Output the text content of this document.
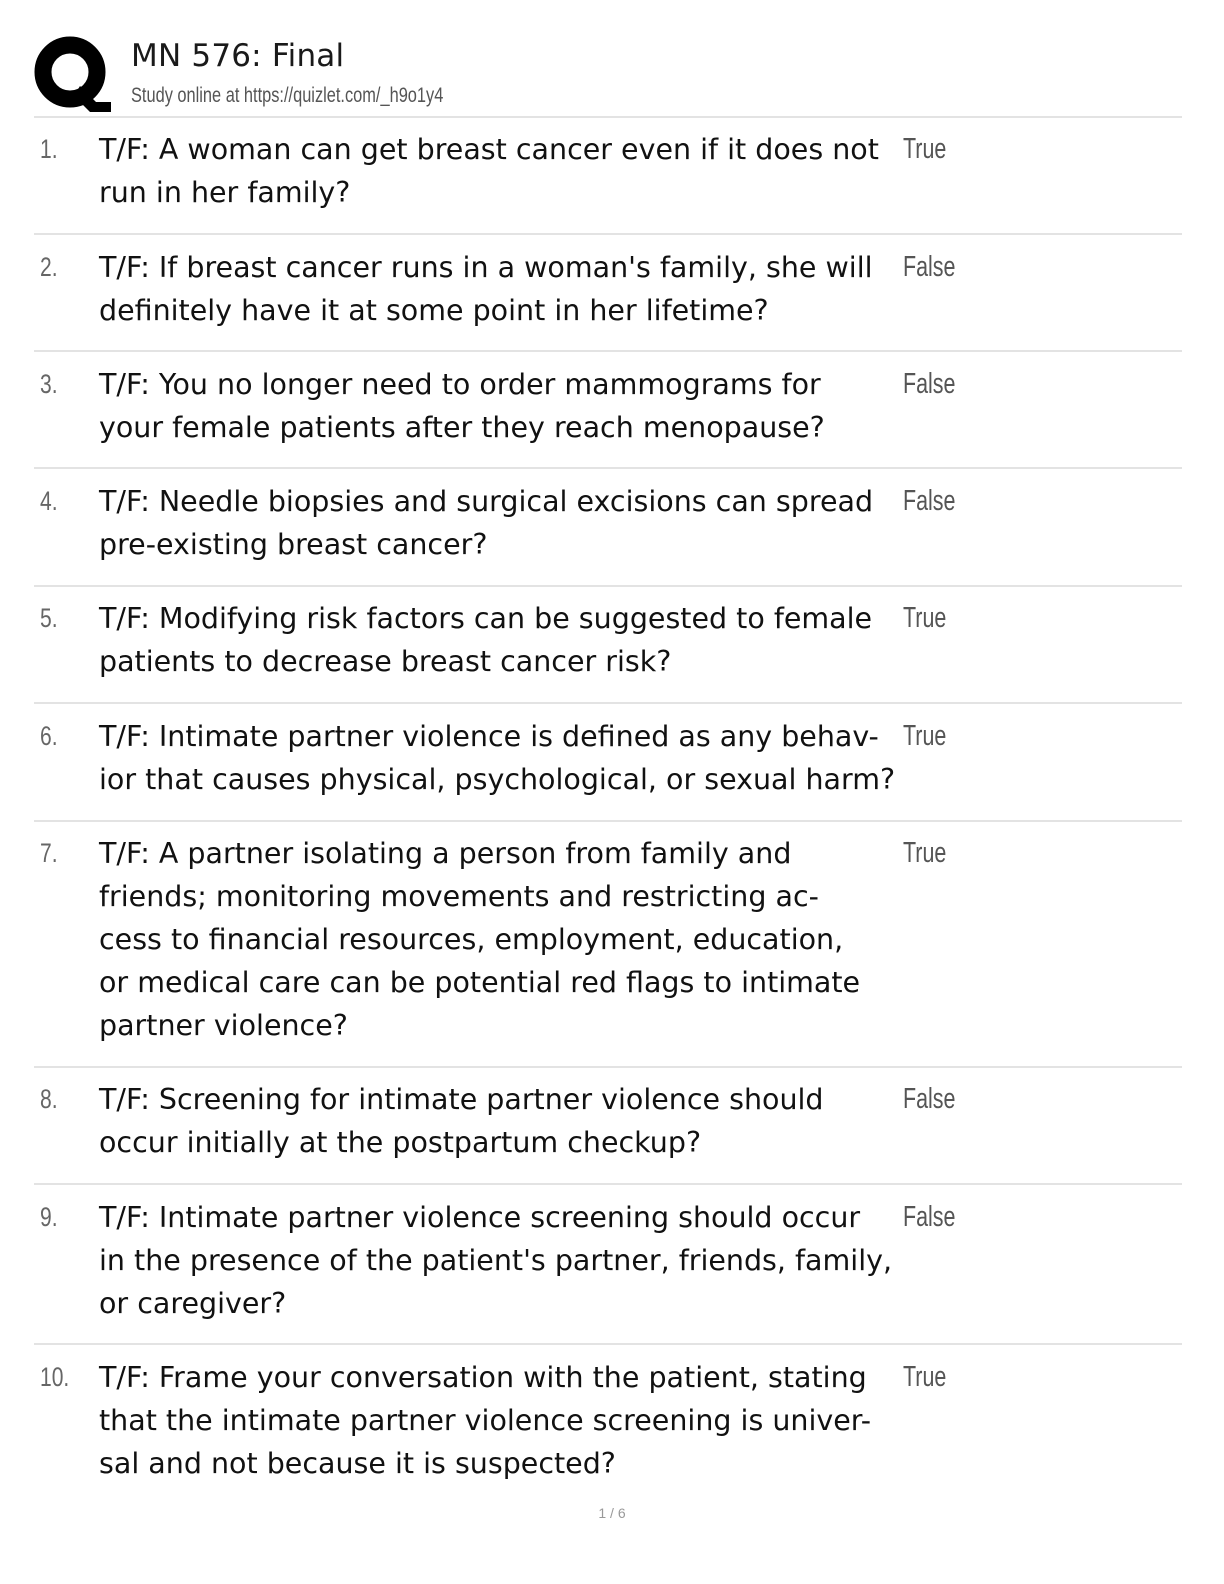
MN 576: Final
Study online at https://quizlet.com/_h9o1y4
1. T/F: A woman can get breast cancer even if it does not
run in her family?
True
2. T/F: If breast cancer runs in a woman's family, she will
definitely have it at some point in her lifetime?
False
3. T/F: You no longer need to order mammograms for
your female patients after they reach menopause?
False
4. T/F: Needle biopsies and surgical excisions can spread
pre-existing breast cancer?
False
5. T/F: Modifying risk factors can be suggested to female
patients to decrease breast cancer risk?
True
6. T/F: Intimate partner violence is defined as any behav-
ior that causes physical, psychological, or sexual harm?
True
7. T/F: A partner isolating a person from family and
friends; monitoring movements and restricting ac-
cess to financial resources, employment, education,
or medical care can be potential red flags to intimate
partner violence?
True
8. T/F: Screening for intimate partner violence should
occur initially at the postpartum checkup?
False
9. T/F: Intimate partner violence screening should occur
in the presence of the patient's partner, friends, family,
or caregiver?
False
10. T/F: Frame your conversation with the patient, stating
that the intimate partner violence screening is univer-
sal and not because it is suspected?
True
1 / 6
